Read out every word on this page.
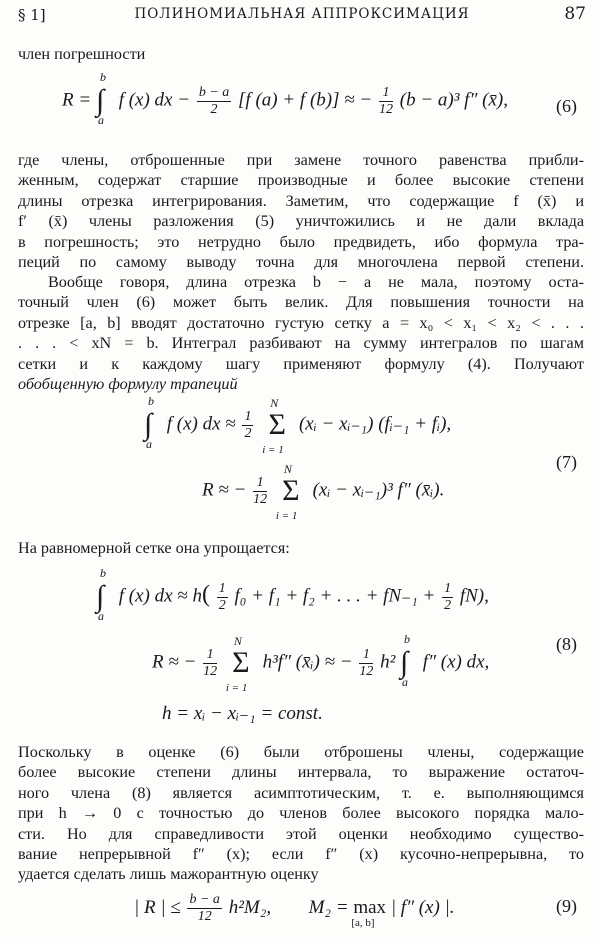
§ 1]	ПОЛИНОМИАЛЬНАЯ АППРОКСИМАЦИЯ	87
член погрешности
R = ∫
b
a
f (x) dx − $\frac{b - a}{2} [f$ (a) + f (b)] ≈ − $\frac{1}{12} (b - a)^3$ f″ (x̄),	(6)
где члены, отброшенные при замене точного равенства прибли-
женным, содержат старшие производные и более высокие степени
длины отрезка интегрирования. Заметим, что содержащие f (x̄) и
f′ (x̄) члены разложения (5) уничтожились и не дали вклада
в погрешность; это нетрудно было предвидеть, ибо формула тра-
пеций по самому выводу точна для многочлена первой степени.
Вообще говоря, длина отрезка b − a не мала, поэтому оста-
точный член (6) может быть велик. Для повышения точности на
отрезке [a, b] вводят достаточно густую сетку a = x₀ < x₁ < x₂ < . . .
. . . < xN = b. Интеграл разбивают на сумму интегралов по шагам
сетки и к каждому шагу применяют формулу (4). Получают
обобщенную формулу трапеций
∫
b
a
f (x) dx ≈ $\frac{1}{2}$ Σ
N
i = 1
(xᵢ − xᵢ₋₁) (fᵢ₋₁ + fᵢ),
R ≈ − $\frac{1}{12}$ Σ
N
i = 1
(xᵢ − xᵢ₋₁)³ f″ (x̄ᵢ).
(7)
На равномерной сетке она упрощается:
∫
b
a
f (x) dx ≈ $h( \frac{1}{2} f_0 + f_1 + f_2$ + . . . + $fN_{-1} + \frac{1}{2} fN$),
R ≈ − $\frac{1}{12}$ Σ
N
i = 1
h³f″ (x̄ᵢ) ≈ − $\frac{1}{12} h^2$ ∫
b
a
f″ (x) dx,
h = xᵢ − xᵢ₋₁ = const.
(8)
Поскольку в оценке (6) были отброшены члены, содержащие
более высокие степени длины интервала, то выражение остаточ-
ного члена (8) является асимптотическим, т. е. выполняющимся
при h → 0 с точностью до членов более высокого порядка мало-
сти. Но для справедливости этой оценки необходимо существо-
вание непрерывной f″ (x); если f″ (x) кусочно-непрерывна, то
удается сделать лишь мажорантную оценку
| R | ≤ $\frac{b - a}{12} h^2M_2$, M₂ = max
[a, b]
| f″ (x) |.	(9)
